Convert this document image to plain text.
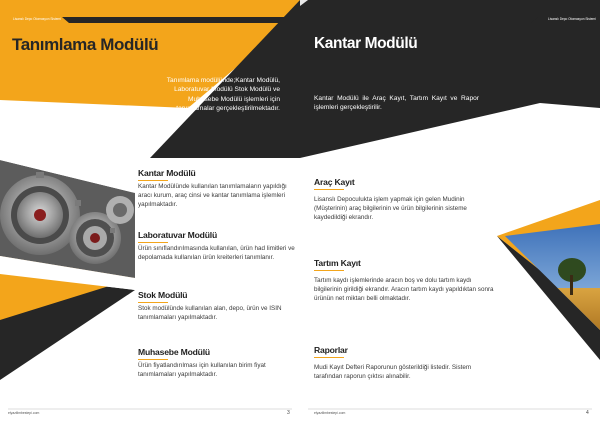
Lisanslı Depo Otomasyon Sistemi
Tanımlama Modülü
Tanımlama modülünde;Kantar Modülü, Laboratuvar Modülü Stok Modülü ve Muhasebe Modülü işlemleri için tanımlamalar gerçekleştirilmektadır.
Kantar Modülü
Kantar Modülünde kullanılan tanımlamaların yapıldığı aracı kurum, araç cinsi ve kantar tanımlama işlemleri yapılmaktadır.
Laboratuvar Modülü
Ürün sınıflandırılmasında kullanılan, ürün had limitleri ve depolamada kullanılan ürün kreiterleri tanımlanır.
Stok Modülü
Stok modülünde kullanılan alan, depo, ürün ve ISIN tanımlamaları yapılmaktadır.
Muhasebe Modülü
Ürün fiyatlandırılması için kullanılan birim fiyat tanımlamaları yapılmaktadır.
elyazilimbestepi.com	3
Lisanslı Depo Otomasyon Sistemi
Kantar Modülü
Kantar Modülü ile Araç Kayıt, Tartım Kayıt ve Rapor işlemleri gerçekleştirilir.
Araç Kayıt
Lisanslı Depoculukta işlem yapmak için gelen Mudinin (Müşterinin) araç bilgilerinin ve ürün bilgilerinin sisteme kaydedildiği ekrandır.
Tartım Kayıt
Tartım kaydı işlemlerinde aracın boş ve dolu tartım kaydı bilgilerinin girildiği ekrandır. Aracın tartım kaydı yapıldıktan sonra ürünün net miktarı belli olmaktadır.
Raporlar
Mudi Kayıt Defteri Raporunun gösterildiği listedir. Sistem tarafından raporun çıktısı alınabilir.
elyazilimbestepi.com	4
